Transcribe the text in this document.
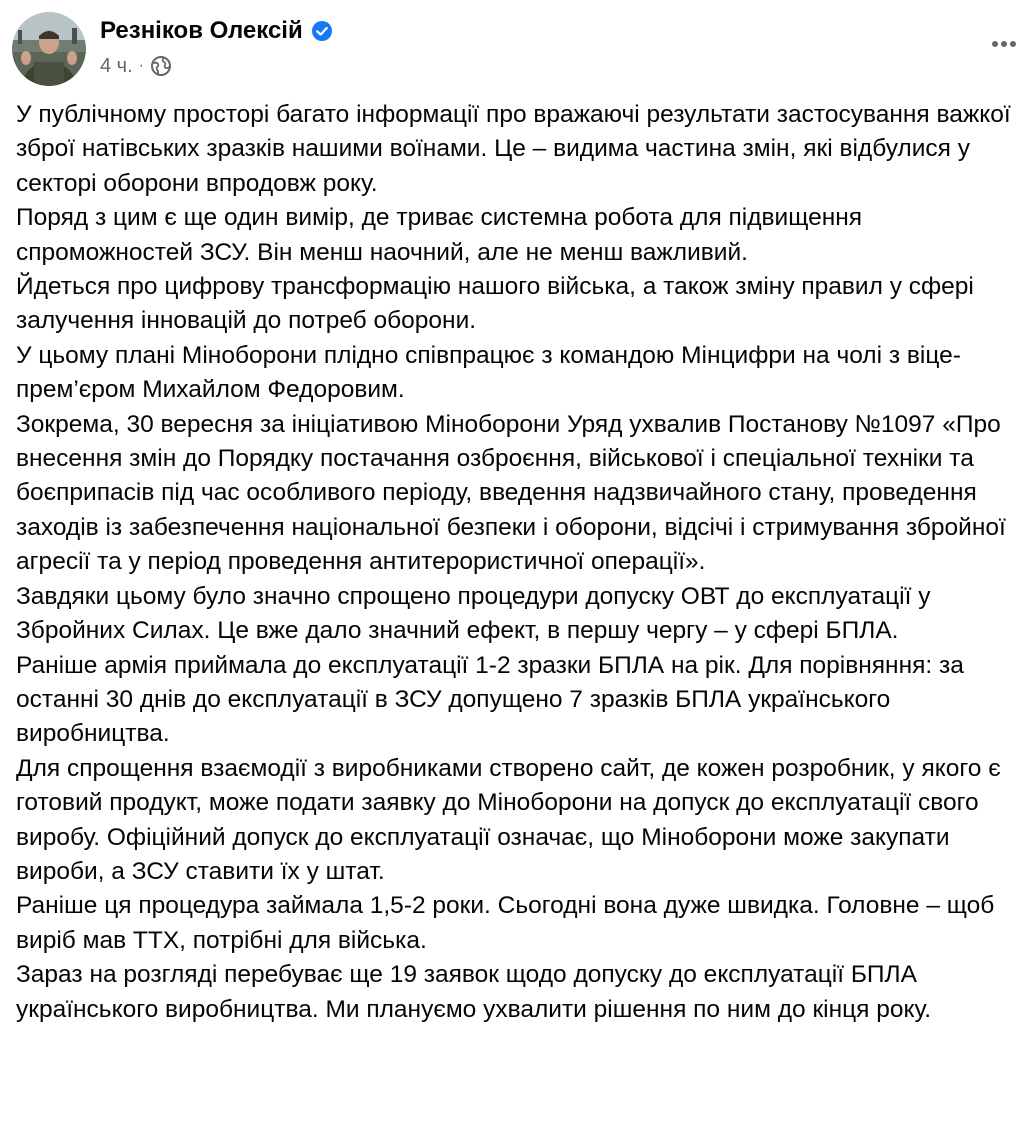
Резніков Олексій
4 ч. ·

У публічному просторі багато інформації про вражаючі результати застосування важкої зброї натівських зразків нашими воїнами. Це – видима частина змін, які відбулися у секторі оборони впродовж року.

Поряд з цим є ще один вимір, де триває системна робота для підвищення спроможностей ЗСУ. Він менш наочний, але не менш важливий.

Йдеться про цифрову трансформацію нашого війська, а також зміну правил у сфері залучення інновацій до потреб оборони.

У цьому плані Міноборони плідно співпрацює з командою Мінцифри на чолі з віце-прем’єром Михайлом Федоровим.

Зокрема, 30 вересня за ініціативою Міноборони Уряд ухвалив Постанову №1097 «Про внесення змін до Порядку постачання озброєння, військової і спеціальної техніки та боєприпасів під час особливого періоду, введення надзвичайного стану, проведення заходів із забезпечення національної безпеки і оборони, відсічі і стримування збройної агресії та у період проведення антитерористичної операції».

Завдяки цьому було значно спрощено процедури допуску ОВТ до експлуатації у Збройних Силах. Це вже дало значний ефект, в першу чергу – у сфері БПЛА.

Раніше армія приймала до експлуатації 1-2 зразки БПЛА на рік. Для порівняння: за останні 30 днів до експлуатації в ЗСУ допущено 7 зразків БПЛА українського виробництва.

Для спрощення взаємодії з виробниками створено сайт, де кожен розробник, у якого є готовий продукт, може подати заявку до Міноборони на допуск до експлуатації свого виробу. Офіційний допуск до експлуатації означає, що Міноборони може закупати вироби, а ЗСУ ставити їх у штат.

Раніше ця процедура займала 1,5-2 роки. Сьогодні вона дуже швидка. Головне – щоб виріб мав ТТХ, потрібні для війська.

Зараз на розгляді перебуває ще 19 заявок щодо допуску до експлуатації БПЛА українського виробництва. Ми плануємо ухвалити рішення по ним до кінця року.
